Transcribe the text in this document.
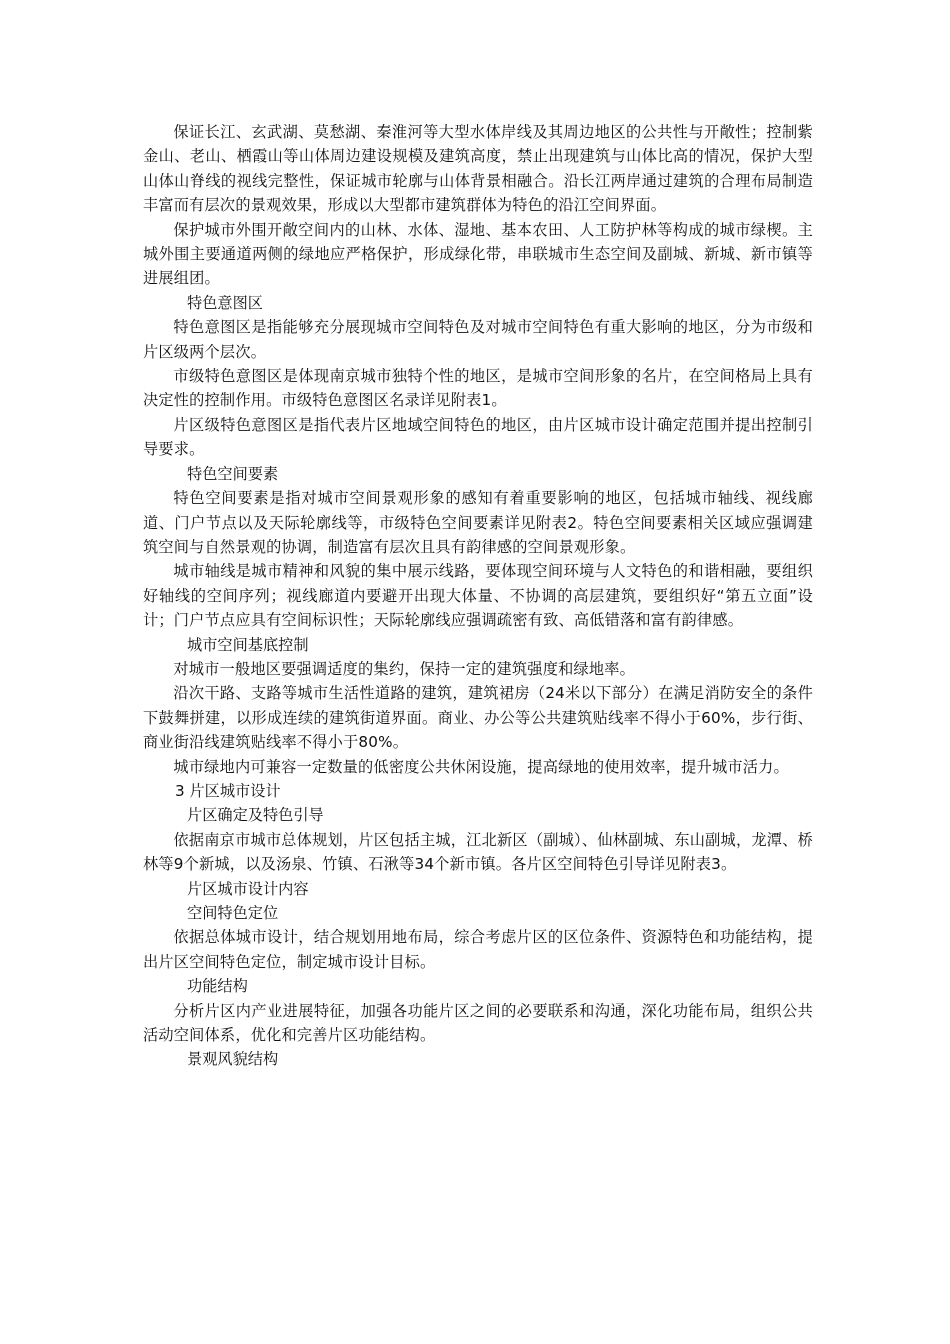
保证长江、玄武湖、莫愁湖、秦淮河等大型水体岸线及其周边地区的公共性与开敞性；控制紫金山、老山、栖霞山等山体周边建设规模及建筑高度，禁止出现建筑与山体比高的情况，保护大型山体山脊线的视线完整性，保证城市轮廓与山体背景相融合。沿长江两岸通过建筑的合理布局制造丰富而有层次的景观效果，形成以大型都市建筑群体为特色的沿江空间界面。

保护城市外围开敞空间内的山林、水体、湿地、基本农田、人工防护林等构成的城市绿楔。主城外围主要通道两侧的绿地应严格保护，形成绿化带，串联城市生态空间及副城、新城、新市镇等进展组团。

特色意图区

特色意图区是指能够充分展现城市空间特色及对城市空间特色有重大影响的地区，分为市级和片区级两个层次。

市级特色意图区是体现南京城市独特个性的地区，是城市空间形象的名片，在空间格局上具有决定性的控制作用。市级特色意图区名录详见附表1。

片区级特色意图区是指代表片区地域空间特色的地区，由片区城市设计确定范围并提出控制引导要求。

特色空间要素

特色空间要素是指对城市空间景观形象的感知有着重要影响的地区，包括城市轴线、视线廊道、门户节点以及天际轮廓线等，市级特色空间要素详见附表2。特色空间要素相关区域应强调建筑空间与自然景观的协调，制造富有层次且具有韵律感的空间景观形象。

城市轴线是城市精神和风貌的集中展示线路，要体现空间环境与人文特色的和谐相融，要组织好轴线的空间序列；视线廊道内要避开出现大体量、不协调的高层建筑，要组织好“第五立面”设计；门户节点应具有空间标识性；天际轮廓线应强调疏密有致、高低错落和富有韵律感。

城市空间基底控制

对城市一般地区要强调适度的集约，保持一定的建筑强度和绿地率。

沿次干路、支路等城市生活性道路的建筑，建筑裙房（24米以下部分）在满足消防安全的条件下鼓舞拼建，以形成连续的建筑街道界面。商业、办公等公共建筑贴线率不得小于60%，步行街、商业街沿线建筑贴线率不得小于80%。

城市绿地内可兼容一定数量的低密度公共休闲设施，提高绿地的使用效率，提升城市活力。

3 片区城市设计

片区确定及特色引导

依据南京市城市总体规划，片区包括主城，江北新区（副城）、仙林副城、东山副城，龙潭、桥林等9个新城，以及汤泉、竹镇、石湫等34个新市镇。各片区空间特色引导详见附表3。

片区城市设计内容

空间特色定位

依据总体城市设计，结合规划用地布局，综合考虑片区的区位条件、资源特色和功能结构，提出片区空间特色定位，制定城市设计目标。

功能结构

分析片区内产业进展特征，加强各功能片区之间的必要联系和沟通，深化功能布局，组织公共活动空间体系，优化和完善片区功能结构。

景观风貌结构
